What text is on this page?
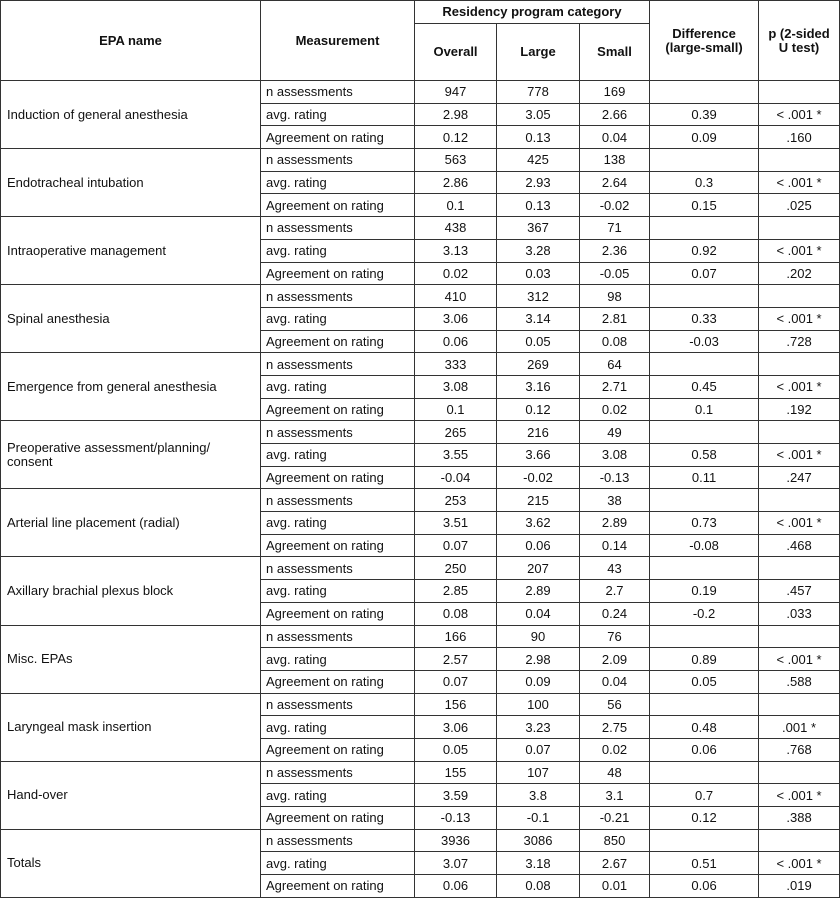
EPA name	Measurement	Residency program category			Difference (large-small)	p (2-sided U test)
		Overall	Large	Small		
Induction of general anesthesia	n assessments	947	778	169		
	avg. rating	2.98	3.05	2.66	0.39	< .001 *
	Agreement on rating	0.12	0.13	0.04	0.09	.160
Endotracheal intubation	n assessments	563	425	138		
	avg. rating	2.86	2.93	2.64	0.3	< .001 *
	Agreement on rating	0.1	0.13	-0.02	0.15	.025
Intraoperative management	n assessments	438	367	71		
	avg. rating	3.13	3.28	2.36	0.92	< .001 *
	Agreement on rating	0.02	0.03	-0.05	0.07	.202
Spinal anesthesia	n assessments	410	312	98		
	avg. rating	3.06	3.14	2.81	0.33	< .001 *
	Agreement on rating	0.06	0.05	0.08	-0.03	.728
Emergence from general anesthesia	n assessments	333	269	64		
	avg. rating	3.08	3.16	2.71	0.45	< .001 *
	Agreement on rating	0.1	0.12	0.02	0.1	.192
Preoperative assessment/planning/ consent	n assessments	265	216	49		
	avg. rating	3.55	3.66	3.08	0.58	< .001 *
	Agreement on rating	-0.04	-0.02	-0.13	0.11	.247
Arterial line placement (radial)	n assessments	253	215	38		
	avg. rating	3.51	3.62	2.89	0.73	< .001 *
	Agreement on rating	0.07	0.06	0.14	-0.08	.468
Axillary brachial plexus block	n assessments	250	207	43		
	avg. rating	2.85	2.89	2.7	0.19	.457
	Agreement on rating	0.08	0.04	0.24	-0.2	.033
Misc. EPAs	n assessments	166	90	76		
	avg. rating	2.57	2.98	2.09	0.89	< .001 *
	Agreement on rating	0.07	0.09	0.04	0.05	.588
Laryngeal mask insertion	n assessments	156	100	56		
	avg. rating	3.06	3.23	2.75	0.48	.001 *
	Agreement on rating	0.05	0.07	0.02	0.06	.768
Hand-over	n assessments	155	107	48		
	avg. rating	3.59	3.8	3.1	0.7	< .001 *
	Agreement on rating	-0.13	-0.1	-0.21	0.12	.388
Totals	n assessments	3936	3086	850		
	avg. rating	3.07	3.18	2.67	0.51	< .001 *
	Agreement on rating	0.06	0.08	0.01	0.06	.019
